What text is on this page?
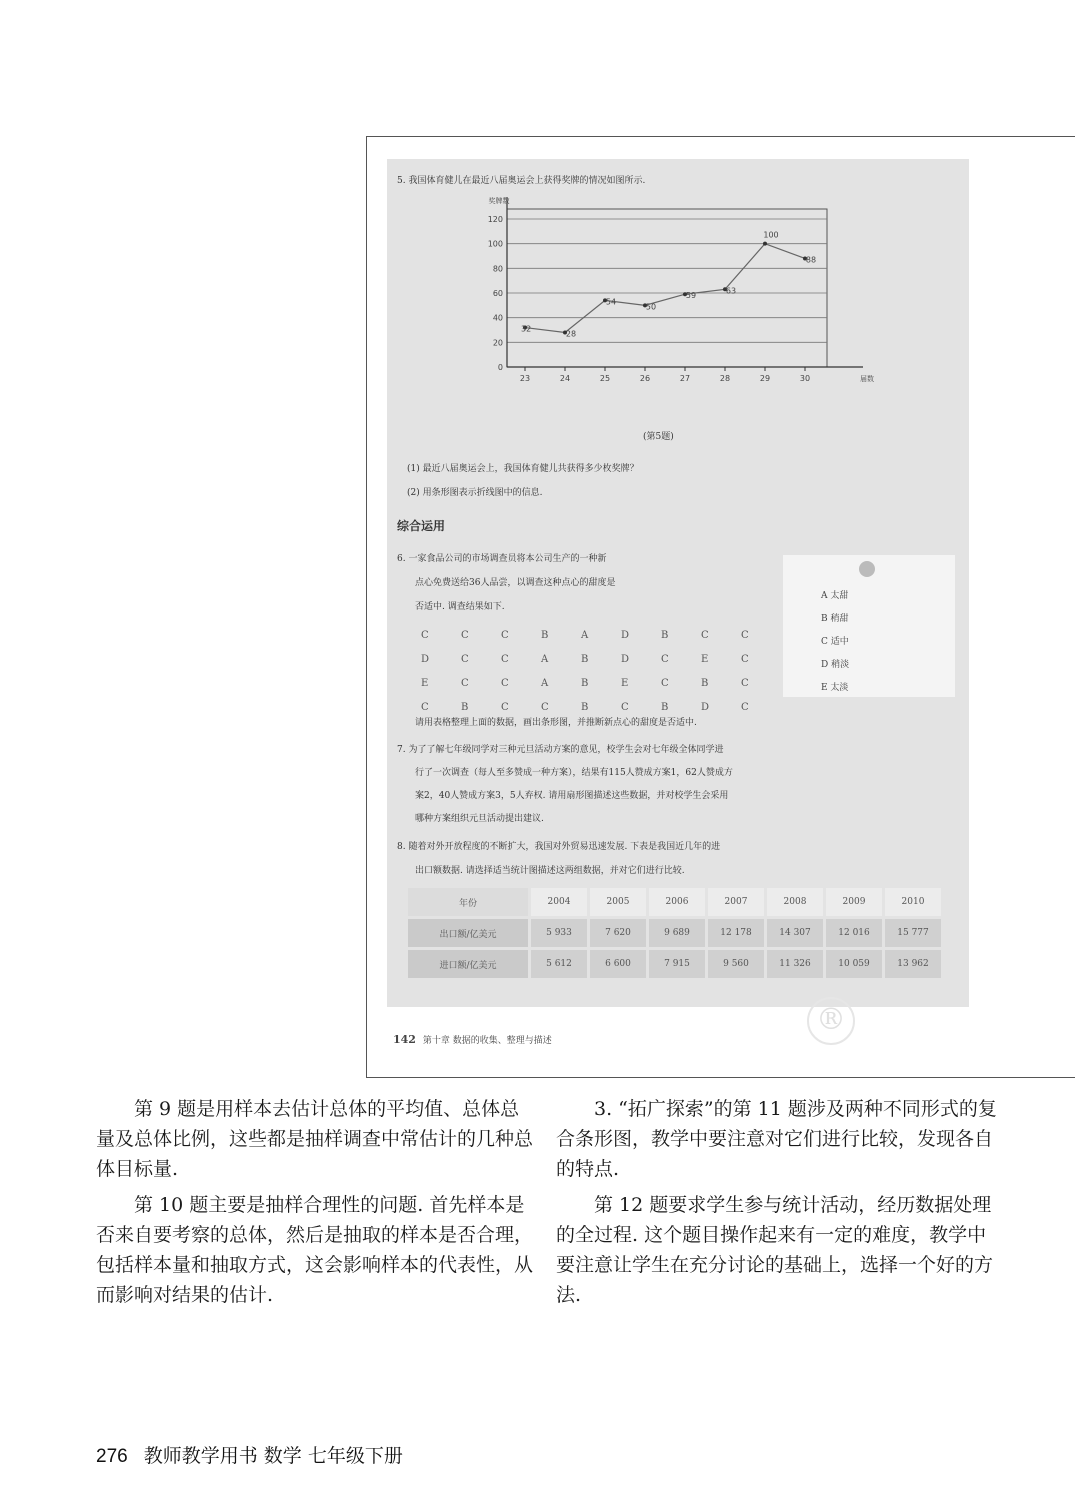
5. 我国体育健儿在最近八届奥运会上获得奖牌的情况如图所示.
0
20
40
60
80
100
120
奖牌数
届数
23	24	25	26	27	28	29	30
32
28
54
50
59
63
100
88
(第5题)
(1) 最近八届奥运会上，我国体育健儿共获得多少枚奖牌？
(2) 用条形图表示折线图中的信息.
综合运用
6. 一家食品公司的市场调查员将本公司生产的一种新
点心免费送给36人品尝，以调查这种点心的甜度是
否适中. 调查结果如下.
C	C	C	B	A	D	B	C	C
D	C	C	A	B	D	C	E	C
E	C	C	A	B	E	C	B	C
C	B	C	C	B	C	B	D	C
A 太甜
B 稍甜
C 适中
D 稍淡
E 太淡
请用表格整理上面的数据，画出条形图，并推断新点心的甜度是否适中.
7. 为了了解七年级同学对三种元旦活动方案的意见，校学生会对七年级全体同学进
行了一次调查（每人至多赞成一种方案），结果有115人赞成方案1，62人赞成方
案2，40人赞成方案3，5人弃权. 请用扇形图描述这些数据，并对校学生会采用
哪种方案组织元旦活动提出建议.
8. 随着对外开放程度的不断扩大，我国对外贸易迅速发展. 下表是我国近几年的进
出口额数据. 请选择适当统计图描述这两组数据，并对它们进行比较.
年份	2004	2005	2006	2007	2008	2009	2010
出口额/亿美元	5 933	7 620	9 689	12 178	14 307	12 016	15 777
进口额/亿美元	5 612	6 600	7 915	9 560	11 326	10 059	13 962
142 第十章 数据的收集、整理与描述
®

第 9 题是用样本去估计总体的平均值、总体总量及总体比例，这些都是抽样调查中常估计的几种总体目标量.

第 10 题主要是抽样合理性的问题. 首先样本是否来自要考察的总体，然后是抽取的样本是否合理，包括样本量和抽取方式，这会影响样本的代表性，从而影响对结果的估计.

3. “拓广探索”的第 11 题涉及两种不同形式的复合条形图，教学中要注意对它们进行比较，发现各自的特点.

第 12 题要求学生参与统计活动，经历数据处理的全过程. 这个题目操作起来有一定的难度，教学中要注意让学生在充分讨论的基础上，选择一个好的方法.

276 教师教学用书 数学 七年级下册
